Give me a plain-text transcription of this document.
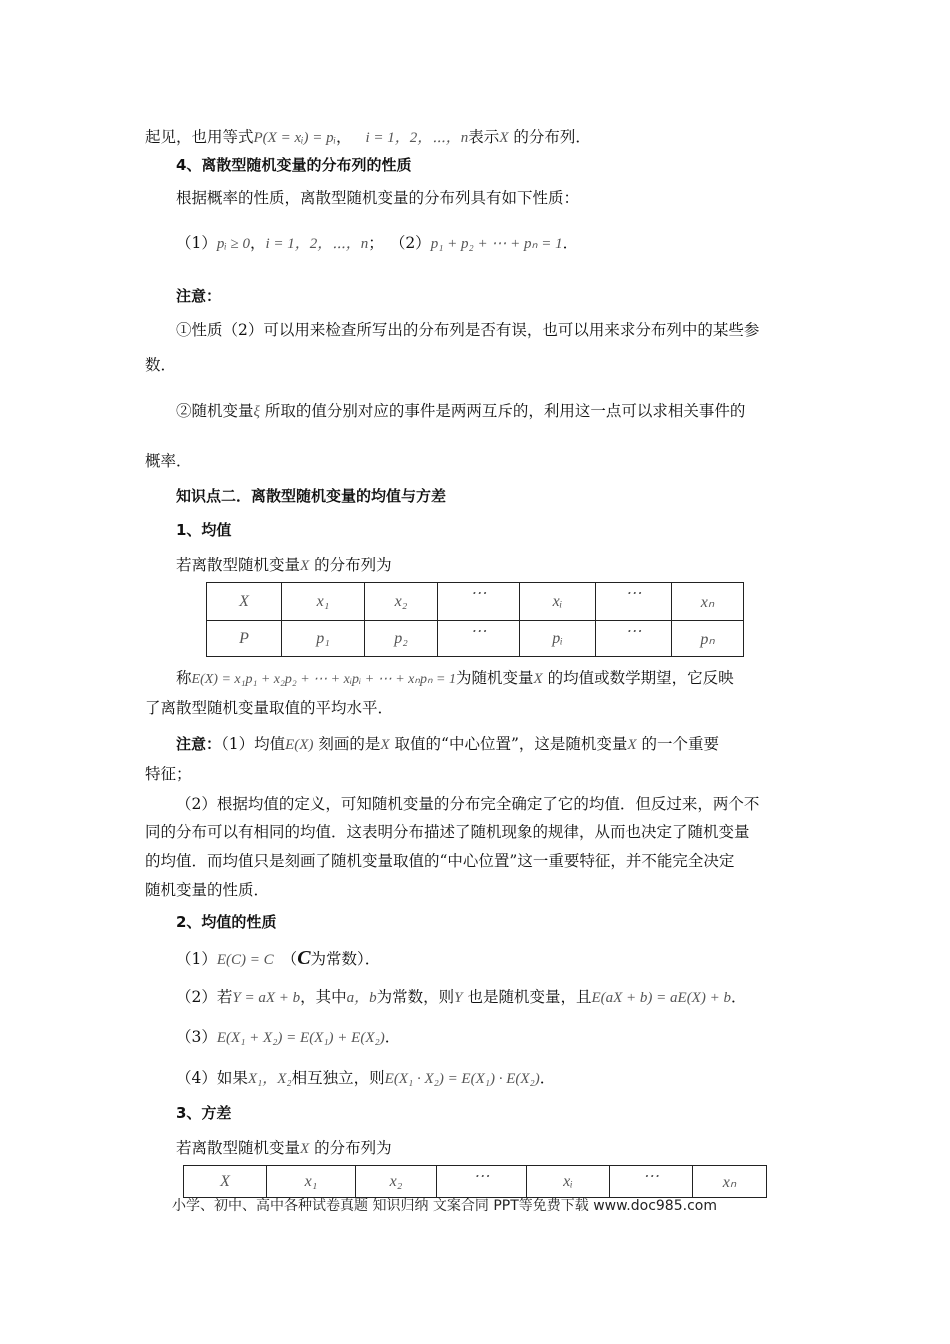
起见，也用等式P(X = xᵢ) = pᵢ， i = 1，2，⋯，n表示X 的分布列．
4、离散型随机变量的分布列的性质
根据概率的性质，离散型随机变量的分布列具有如下性质：
（1）pᵢ ≥ 0，i = 1，2，⋯，n； （2）p₁ + p₂ + ⋯ + pₙ = 1．
注意：
①性质（2）可以用来检查所写出的分布列是否有误，也可以用来求分布列中的某些参
数．
②随机变量ξ 所取的值分别对应的事件是两两互斥的，利用这一点可以求相关事件的
概率．
知识点二．离散型随机变量的均值与方差
1、均值
若离散型随机变量X 的分布列为
X	x₁	x₂	⋯	xᵢ	⋯	xₙ
P	p₁	p₂	⋯	pᵢ	⋯	pₙ
称E(X) = x₁p₁ + x₂p₂ + ⋯ + xᵢpᵢ + ⋯ + xₙpₙ = 1为随机变量X 的均值或数学期望，它反映
了离散型随机变量取值的平均水平．
注意：（1）均值E(X) 刻画的是X 取值的“中心位置”，这是随机变量X 的一个重要
特征；
（2）根据均值的定义，可知随机变量的分布完全确定了它的均值．但反过来，两个不
同的分布可以有相同的均值．这表明分布描述了随机现象的规律，从而也决定了随机变量
的均值．而均值只是刻画了随机变量取值的“中心位置”这一重要特征，并不能完全决定
随机变量的性质．
2、均值的性质
（1）E(C) = C （C为常数）．
（2）若Y = aX + b，其中a，b为常数，则Y 也是随机变量，且E(aX + b) = aE(X) + b．
（3）E(X₁ + X₂) = E(X₁) + E(X₂)．
（4）如果X₁，X₂相互独立，则E(X₁ · X₂) = E(X₁) · E(X₂)．
3、方差
若离散型随机变量X 的分布列为
X	x₁	x₂	⋯	xᵢ	⋯	xₙ
小学、初中、高中各种试卷真题 知识归纳 文案合同 PPT等免费下载 www.doc985.com
